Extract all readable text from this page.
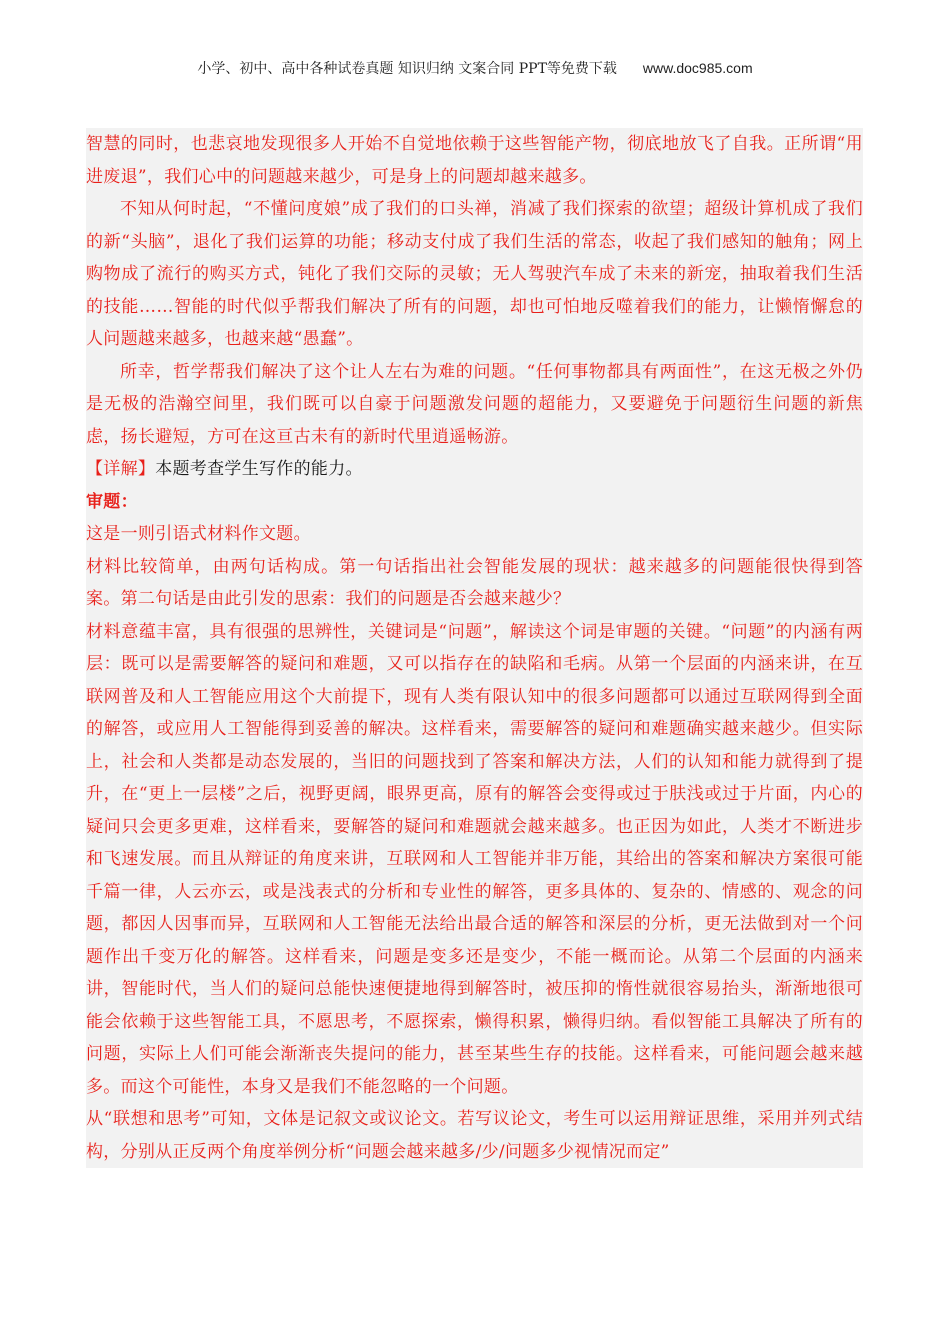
小学、初中、高中各种试卷真题 知识归纳 文案合同 PPT等免费下载 www.doc985.com

智慧的同时，也悲哀地发现很多人开始不自觉地依赖于这些智能产物，彻底地放飞了自我。正所谓“用进废退”，我们心中的问题越来越少，可是身上的问题却越来越多。

不知从何时起，“不懂问度娘”成了我们的口头禅，消减了我们探索的欲望；超级计算机成了我们的新“头脑”，退化了我们运算的功能；移动支付成了我们生活的常态，收起了我们感知的触角；网上购物成了流行的购买方式，钝化了我们交际的灵敏；无人驾驶汽车成了未来的新宠，抽取着我们生活的技能……智能的时代似乎帮我们解决了所有的问题，却也可怕地反噬着我们的能力，让懒惰懈怠的人问题越来越多，也越来越“愚蠢”。

所幸，哲学帮我们解决了这个让人左右为难的问题。“任何事物都具有两面性”，在这无极之外仍是无极的浩瀚空间里，我们既可以自豪于问题激发问题的超能力，又要避免于问题衍生问题的新焦虑，扬长避短，方可在这亘古未有的新时代里逍遥畅游。

【详解】本题考查学生写作的能力。

审题：

这是一则引语式材料作文题。

材料比较简单，由两句话构成。第一句话指出社会智能发展的现状：越来越多的问题能很快得到答案。第二句话是由此引发的思索：我们的问题是否会越来越少？

材料意蕴丰富，具有很强的思辨性，关键词是“问题”，解读这个词是审题的关键。“问题”的内涵有两层：既可以是需要解答的疑问和难题，又可以指存在的缺陷和毛病。从第一个层面的内涵来讲，在互联网普及和人工智能应用这个大前提下，现有人类有限认知中的很多问题都可以通过互联网得到全面的解答，或应用人工智能得到妥善的解决。这样看来，需要解答的疑问和难题确实越来越少。但实际上，社会和人类都是动态发展的，当旧的问题找到了答案和解决方法，人们的认知和能力就得到了提升，在“更上一层楼”之后，视野更阔，眼界更高，原有的解答会变得或过于肤浅或过于片面，内心的疑问只会更多更难，这样看来，要解答的疑问和难题就会越来越多。也正因为如此，人类才不断进步和飞速发展。而且从辩证的角度来讲，互联网和人工智能并非万能，其给出的答案和解决方案很可能千篇一律，人云亦云，或是浅表式的分析和专业性的解答，更多具体的、复杂的、情感的、观念的问题，都因人因事而异，互联网和人工智能无法给出最合适的解答和深层的分析，更无法做到对一个问题作出千变万化的解答。这样看来，问题是变多还是变少，不能一概而论。从第二个层面的内涵来讲，智能时代，当人们的疑问总能快速便捷地得到解答时，被压抑的惰性就很容易抬头，渐渐地很可能会依赖于这些智能工具，不愿思考，不愿探索，懒得积累，懒得归纳。看似智能工具解决了所有的问题，实际上人们可能会渐渐丧失提问的能力，甚至某些生存的技能。这样看来，可能问题会越来越多。而这个可能性，本身又是我们不能忽略的一个问题。

从“联想和思考”可知，文体是记叙文或议论文。若写议论文，考生可以运用辩证思维，采用并列式结构，分别从正反两个角度举例分析“问题会越来越多/少/问题多少视情况而定”
